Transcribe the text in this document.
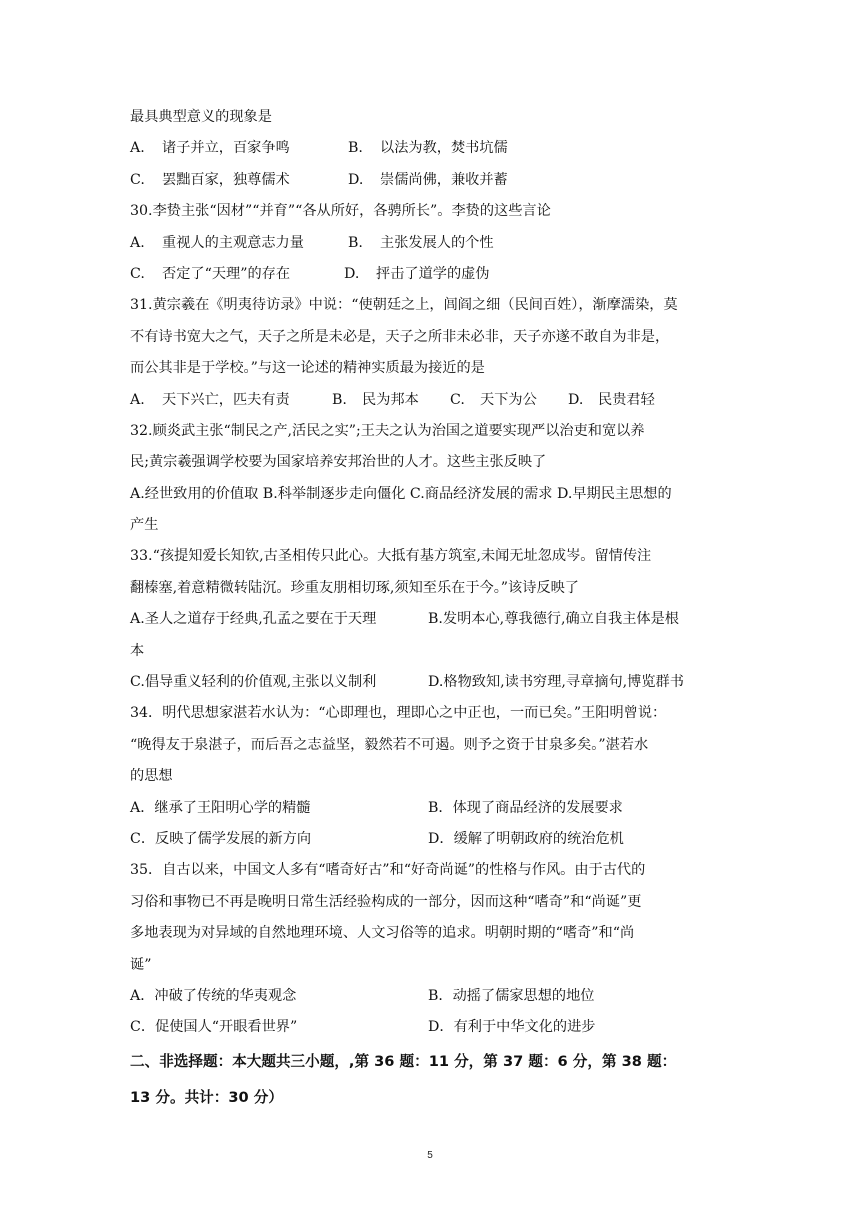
最具典型意义的现象是
A. 诸子并立，百家争鸣	B. 以法为教，焚书坑儒
C. 罢黜百家，独尊儒术	D. 崇儒尚佛，兼收并蓄
30.李贽主张“因材”“并育”“各从所好，各骋所长”。李贽的这些言论
A. 重视人的主观意志力量	B. 主张发展人的个性
C. 否定了“天理”的存在	D. 抨击了道学的虚伪
31.黄宗羲在《明夷待访录》中说：“使朝廷之上，闾阎之细（民间百姓），渐摩濡染，莫
不有诗书宽大之气，天子之所是未必是，天子之所非未必非，天子亦遂不敢自为非是，
而公其非是于学校。”与这一论述的精神实质最为接近的是
A. 天下兴亡，匹夫有责	B. 民为邦本 C. 天下为公 D. 民贵君轻
32.顾炎武主张“制民之产,活民之实”;王夫之认为治国之道要实现严以治吏和宽以养
民;黄宗羲强调学校要为国家培养安邦治世的人才。这些主张反映了
A.经世致用的价值取 B.科举制逐步走向僵化 C.商品经济发展的需求 D.早期民主思想的
产生
33.“孩提知爱长知钦,古圣相传只此心。大抵有基方筑室,未闻无址忽成岑。留情传注
翻榛塞,着意精微转陆沉。珍重友朋相切琢,须知至乐在于今。”该诗反映了
A.圣人之道存于经典,孔孟之要在于天理	B.发明本心,尊我德行,确立自我主体是根
本
C.倡导重义轻利的价值观,主张以义制利	D.格物致知,读书穷理,寻章摘句,博览群书
34．明代思想家湛若水认为：“心即理也，理即心之中正也，一而已矣。”王阳明曾说：
“晚得友于泉湛子，而后吾之志益坚，毅然若不可遏。则予之资于甘泉多矣。”湛若水
的思想
A．继承了王阳明心学的精髓	B．体现了商品经济的发展要求
C．反映了儒学发展的新方向	D．缓解了明朝政府的统治危机
35．自古以来，中国文人多有“嗜奇好古”和“好奇尚诞”的性格与作风。由于古代的
习俗和事物已不再是晚明日常生活经验构成的一部分，因而这种“嗜奇”和“尚诞”更
多地表现为对异域的自然地理环境、人文习俗等的追求。明朝时期的“嗜奇”和“尚
诞”
A．冲破了传统的华夷观念	B．动摇了儒家思想的地位
C．促使国人“开眼看世界”	D．有利于中华文化的进步
二、非选择题：本大题共三小题，,第 36 题：11 分，第 37 题：6 分，第 38 题：
13 分。共计：30 分）
5
